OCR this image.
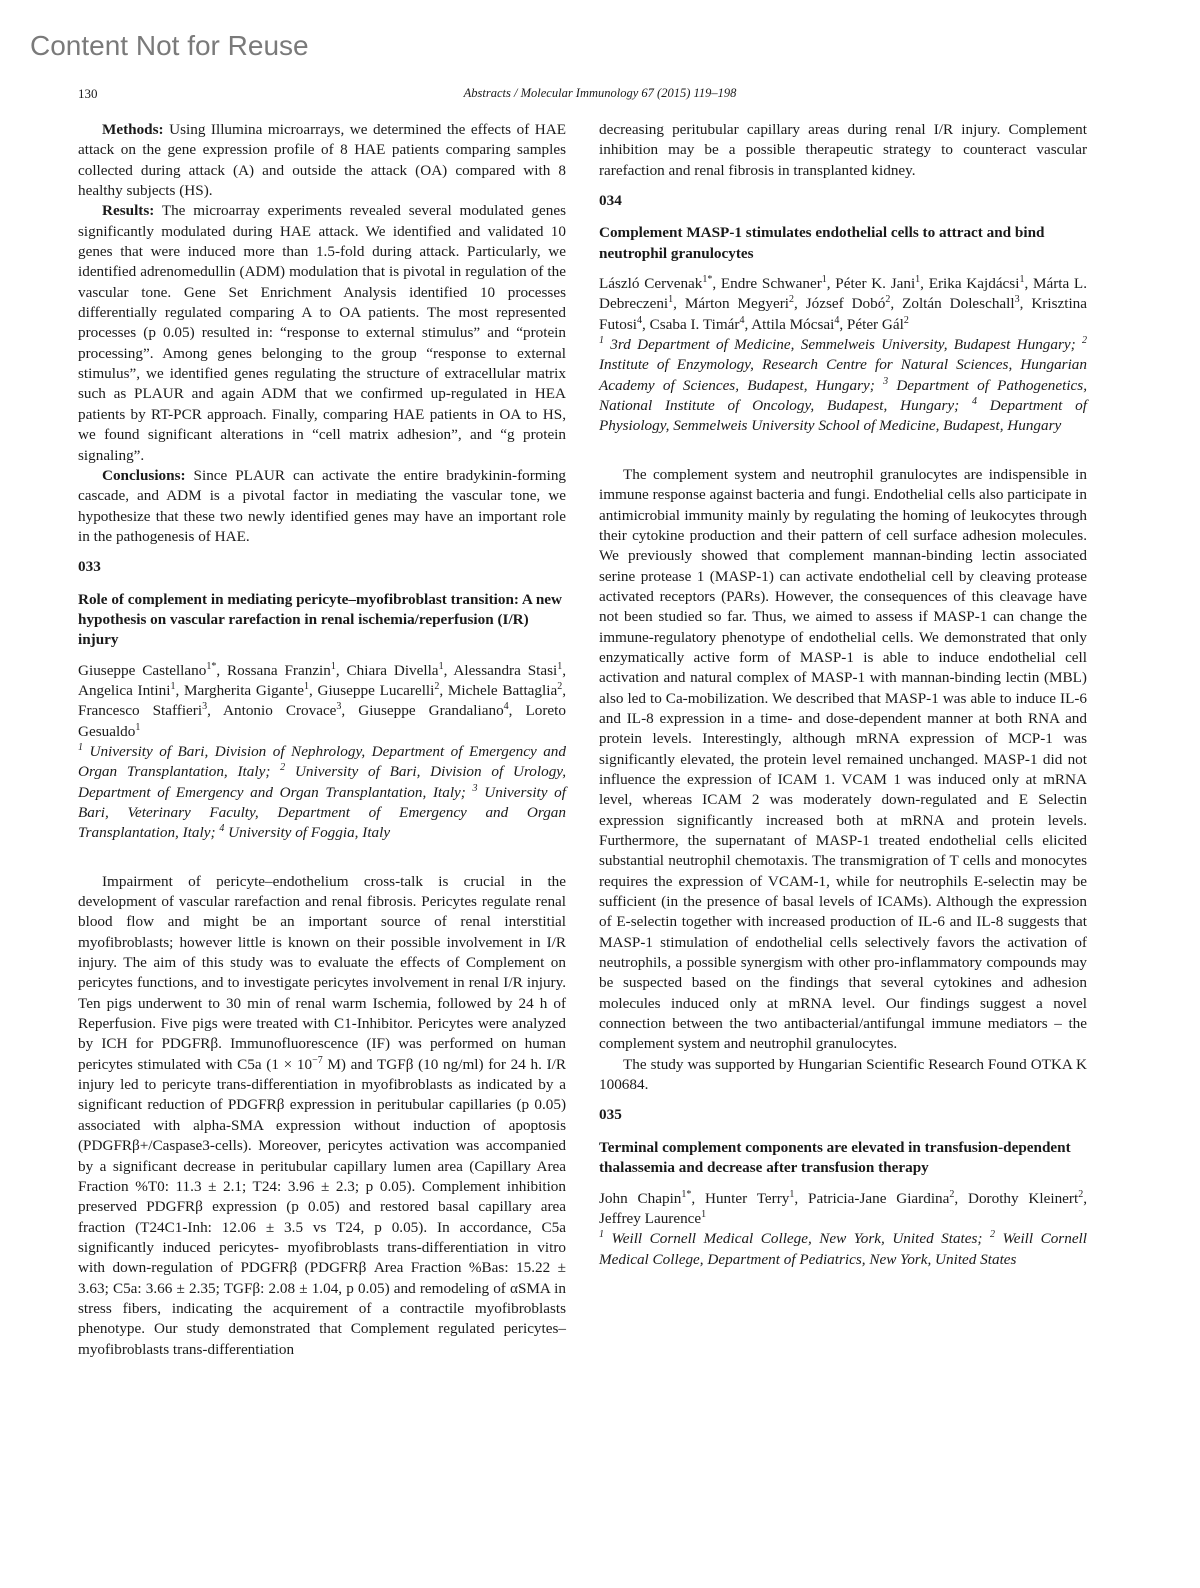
Content Not for Reuse
130	Abstracts / Molecular Immunology 67 (2015) 119–198

Methods: Using Illumina microarrays, we determined the effects of HAE attack on the gene expression profile of 8 HAE patients comparing samples collected during attack (A) and outside the attack (OA) compared with 8 healthy subjects (HS).

Results: The microarray experiments revealed several modulated genes significantly modulated during HAE attack. We identified and validated 10 genes that were induced more than 1.5-fold during attack. Particularly, we identified adrenomedullin (ADM) modulation that is pivotal in regulation of the vascular tone. Gene Set Enrichment Analysis identified 10 processes differentially regulated comparing A to OA patients. The most represented processes (p 0.05) resulted in: “response to external stimulus” and “protein processing”. Among genes belonging to the group “response to external stimulus”, we identified genes regulating the structure of extracellular matrix such as PLAUR and again ADM that we confirmed up-regulated in HEA patients by RT-PCR approach. Finally, comparing HAE patients in OA to HS, we found significant alterations in “cell matrix adhesion”, and “g protein signaling”.

Conclusions: Since PLAUR can activate the entire bradykinin-forming cascade, and ADM is a pivotal factor in mediating the vascular tone, we hypothesize that these two newly identified genes may have an important role in the pathogenesis of HAE.

033
Role of complement in mediating pericyte–myofibroblast transition: A new hypothesis on vascular rarefaction in renal ischemia/reperfusion (I/R) injury

Giuseppe Castellano$^{1*}$, Rossana Franzin$^1$, Chiara Divella$^1$, Alessandra Stasi$^1$, Angelica Intini$^1$, Margherita Gigante$^1$, Giuseppe Lucarelli$^2$, Michele Battaglia$^2$, Francesco Staffieri$^3$, Antonio Crovace$^3$, Giuseppe Grandaliano$^4$, Loreto Gesualdo$^1$

$^1$ University of Bari, Division of Nephrology, Department of Emergency and Organ Transplantation, Italy; $^2$ University of Bari, Division of Urology, Department of Emergency and Organ Transplantation, Italy; $^3$ University of Bari, Veterinary Faculty, Department of Emergency and Organ Transplantation, Italy; $^4$ University of Foggia, Italy

Impairment of pericyte–endothelium cross-talk is crucial in the development of vascular rarefaction and renal fibrosis. Pericytes regulate renal blood flow and might be an important source of renal interstitial myofibroblasts; however little is known on their possible involvement in I/R injury. The aim of this study was to evaluate the effects of Complement on pericytes functions, and to investigate pericytes involvement in renal I/R injury. Ten pigs underwent to 30 min of renal warm Ischemia, followed by 24 h of Reperfusion. Five pigs were treated with C1-Inhibitor. Pericytes were analyzed by ICH for PDGFRβ. Immunofluorescence (IF) was performed on human pericytes stimulated with C5a ($1 \times 10^{-7}$ M) and TGFβ (10 ng/ml) for 24 h. I/R injury led to pericyte trans-differentiation in myofibroblasts as indicated by a significant reduction of PDGFRβ expression in peritubular capillaries (p 0.05) associated with alpha-SMA expression without induction of apoptosis (PDGFRβ+/Caspase3-cells). Moreover, pericytes activation was accompanied by a significant decrease in peritubular capillary lumen area (Capillary Area Fraction %T0: 11.3 ± 2.1; T24: 3.96 ± 2.3; p 0.05). Complement inhibition preserved PDGFRβ expression (p 0.05) and restored basal capillary area fraction (T24C1-Inh: 12.06 ± 3.5 vs T24, p 0.05). In accordance, C5a significantly induced pericytes- myofibroblasts trans-differentiation in vitro with down-regulation of PDGFRβ (PDGFRβ Area Fraction %Bas: 15.22 ± 3.63; C5a: 3.66 ± 2.35; TGFβ: 2.08 ± 1.04, p 0.05) and remodeling of αSMA in stress fibers, indicating the acquirement of a contractile myofibroblasts phenotype. Our study demonstrated that Complement regulated pericytes–myofibroblasts trans-differentiation

decreasing peritubular capillary areas during renal I/R injury. Complement inhibition may be a possible therapeutic strategy to counteract vascular rarefaction and renal fibrosis in transplanted kidney.

034
Complement MASP-1 stimulates endothelial cells to attract and bind neutrophil granulocytes

László Cervenak$^{1*}$, Endre Schwaner$^1$, Péter K. Jani$^1$, Erika Kajdácsi$^1$, Márta L. Debreczeni$^1$, Márton Megyeri$^2$, József Dobó$^2$, Zoltán Doleschall$^3$, Krisztina Futosi$^4$, Csaba I. Timár$^4$, Attila Mócsai$^4$, Péter Gál$^2$

$^1$ 3rd Department of Medicine, Semmelweis University, Budapest Hungary; $^2$ Institute of Enzymology, Research Centre for Natural Sciences, Hungarian Academy of Sciences, Budapest, Hungary; $^3$ Department of Pathogenetics, National Institute of Oncology, Budapest, Hungary; $^4$ Department of Physiology, Semmelweis University School of Medicine, Budapest, Hungary

The complement system and neutrophil granulocytes are indispensible in immune response against bacteria and fungi. Endothelial cells also participate in antimicrobial immunity mainly by regulating the homing of leukocytes through their cytokine production and their pattern of cell surface adhesion molecules. We previously showed that complement mannan-binding lectin associated serine protease 1 (MASP-1) can activate endothelial cell by cleaving protease activated receptors (PARs). However, the consequences of this cleavage have not been studied so far. Thus, we aimed to assess if MASP-1 can change the immune-regulatory phenotype of endothelial cells. We demonstrated that only enzymatically active form of MASP-1 is able to induce endothelial cell activation and natural complex of MASP-1 with mannan-binding lectin (MBL) also led to Ca-mobilization. We described that MASP-1 was able to induce IL-6 and IL-8 expression in a time- and dose-dependent manner at both RNA and protein levels. Interestingly, although mRNA expression of MCP-1 was significantly elevated, the protein level remained unchanged. MASP-1 did not influence the expression of ICAM 1. VCAM 1 was induced only at mRNA level, whereas ICAM 2 was moderately down-regulated and E Selectin expression significantly increased both at mRNA and protein levels. Furthermore, the supernatant of MASP-1 treated endothelial cells elicited substantial neutrophil chemotaxis. The transmigration of T cells and monocytes requires the expression of VCAM-1, while for neutrophils E-selectin may be sufficient (in the presence of basal levels of ICAMs). Although the expression of E-selectin together with increased production of IL-6 and IL-8 suggests that MASP-1 stimulation of endothelial cells selectively favors the activation of neutrophils, a possible synergism with other pro-inflammatory compounds may be suspected based on the findings that several cytokines and adhesion molecules induced only at mRNA level. Our findings suggest a novel connection between the two antibacterial/antifungal immune mediators – the complement system and neutrophil granulocytes.

The study was supported by Hungarian Scientific Research Found OTKA K 100684.

035
Terminal complement components are elevated in transfusion-dependent thalassemia and decrease after transfusion therapy

John Chapin$^{1*}$, Hunter Terry$^1$, Patricia-Jane Giardina$^2$, Dorothy Kleinert$^2$, Jeffrey Laurence$^1$

$^1$ Weill Cornell Medical College, New York, United States; $^2$ Weill Cornell Medical College, Department of Pediatrics, New York, United States
